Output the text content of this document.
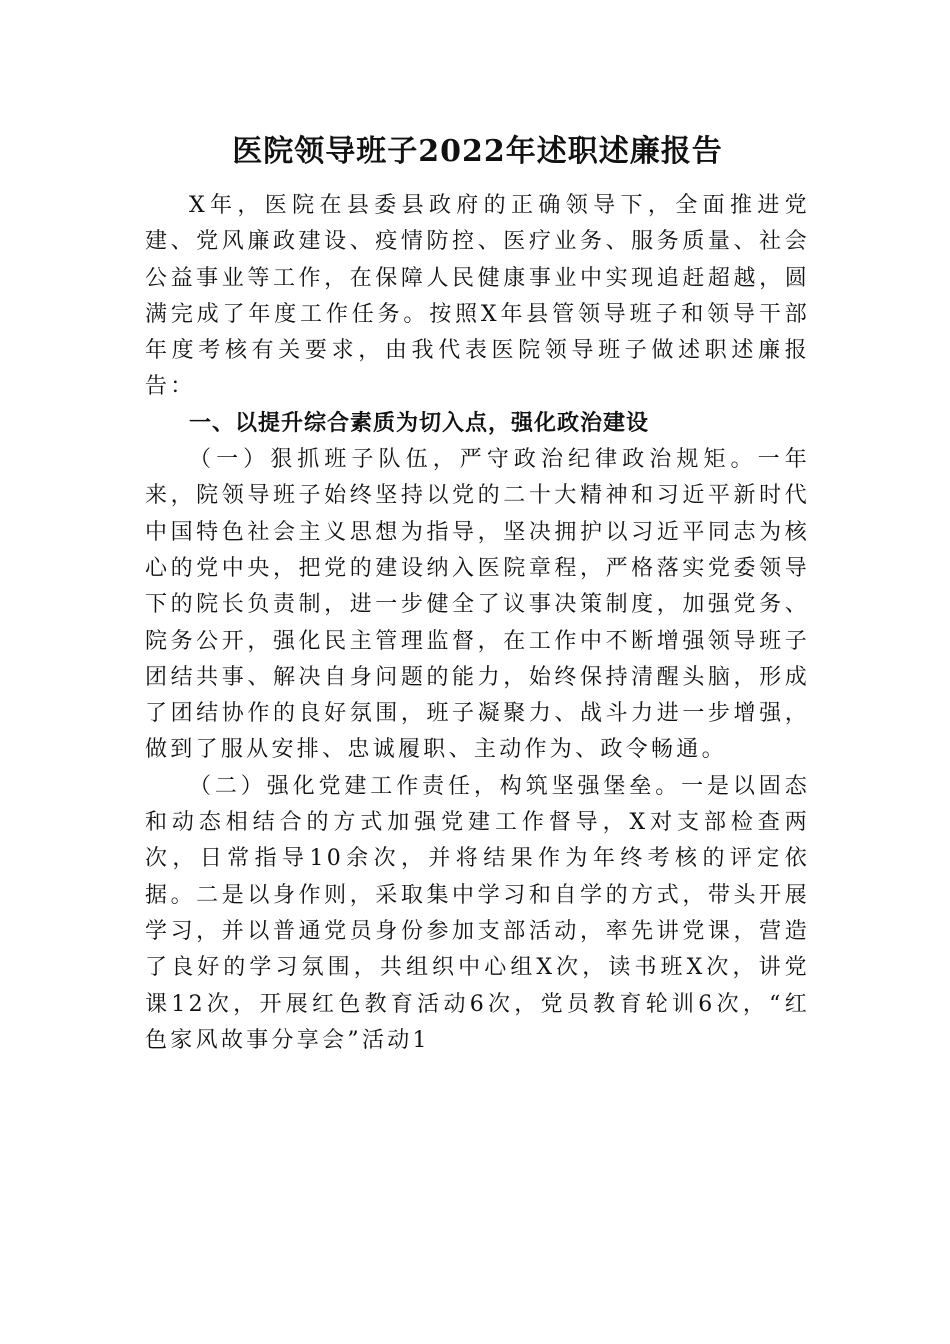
医院领导班子2022年述职述廉报告

X年，医院在县委县政府的正确领导下，全面推进党建、党风廉政建设、疫情防控、医疗业务、服务质量、社会公益事业等工作，在保障人民健康事业中实现追赶超越，圆满完成了年度工作任务。按照X年县管领导班子和领导干部年度考核有关要求，由我代表医院领导班子做述职述廉报告：

一、以提升综合素质为切入点，强化政治建设

（一）狠抓班子队伍，严守政治纪律政治规矩。一年来，院领导班子始终坚持以党的二十大精神和习近平新时代中国特色社会主义思想为指导，坚决拥护以习近平同志为核心的党中央，把党的建设纳入医院章程，严格落实党委领导下的院长负责制，进一步健全了议事决策制度，加强党务、院务公开，强化民主管理监督，在工作中不断增强领导班子团结共事、解决自身问题的能力，始终保持清醒头脑，形成了团结协作的良好氛围，班子凝聚力、战斗力进一步增强，做到了服从安排、忠诚履职、主动作为、政令畅通。

（二）强化党建工作责任，构筑坚强堡垒。一是以固态和动态相结合的方式加强党建工作督导，X对支部检查两次，日常指导10余次，并将结果作为年终考核的评定依据。二是以身作则，采取集中学习和自学的方式，带头开展学习，并以普通党员身份参加支部活动，率先讲党课，营造了良好的学习氛围，共组织中心组X次，读书班X次，讲党课12次，开展红色教育活动6次，党员教育轮训6次，“红色家风故事分享会”活动1
